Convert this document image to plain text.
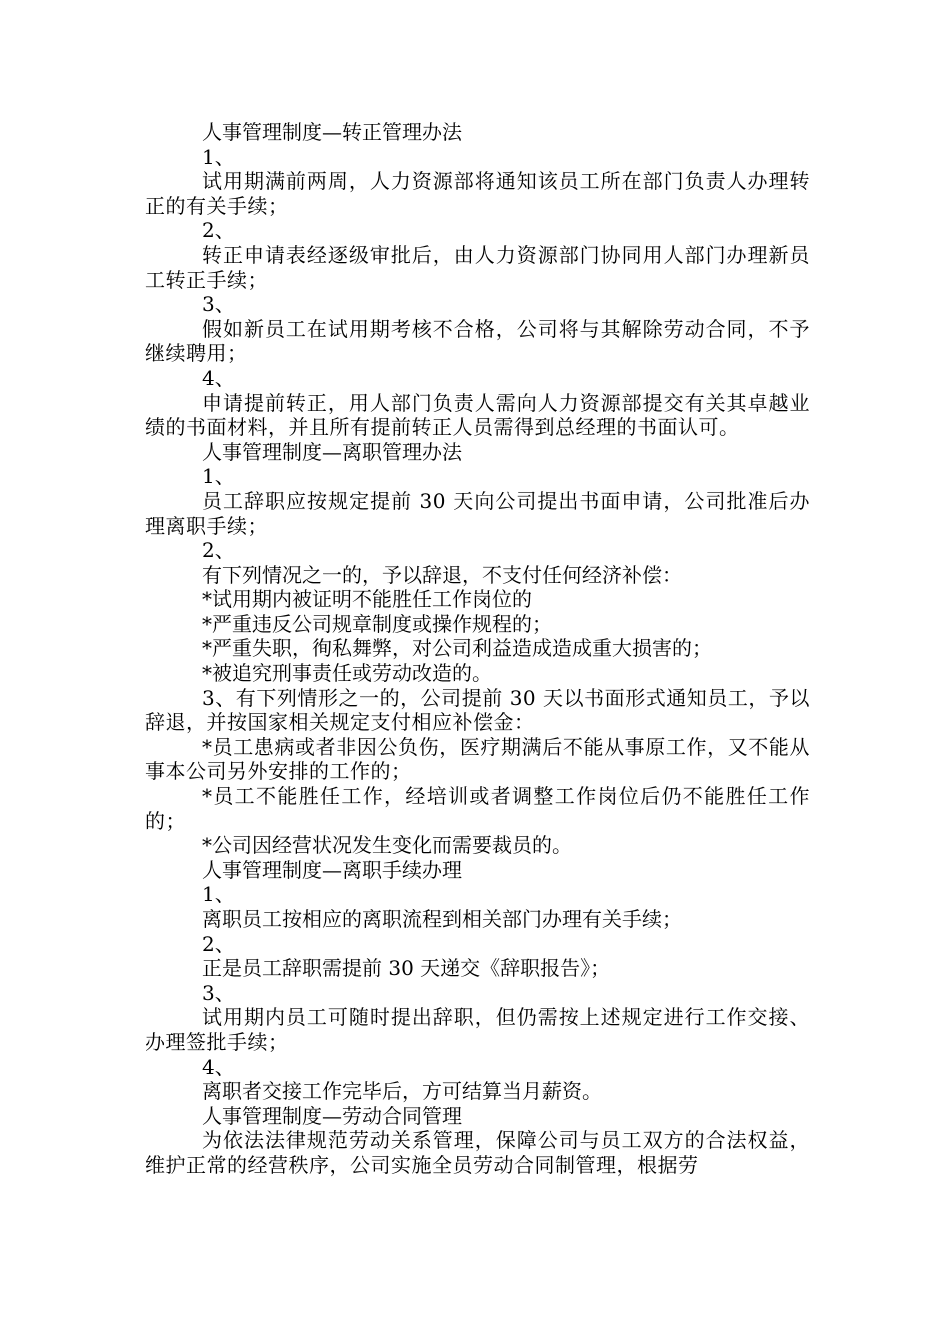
人事管理制度—转正管理办法

1、

试用期满前两周，人力资源部将通知该员工所在部门负责人办理转正的有关手续；

2、

转正申请表经逐级审批后，由人力资源部门协同用人部门办理新员工转正手续；

3、

假如新员工在试用期考核不合格，公司将与其解除劳动合同，不予继续聘用；

4、

申请提前转正，用人部门负责人需向人力资源部提交有关其卓越业绩的书面材料，并且所有提前转正人员需得到总经理的书面认可。

人事管理制度—离职管理办法

1、

员工辞职应按规定提前 30 天向公司提出书面申请，公司批准后办理离职手续；

2、

有下列情况之一的，予以辞退，不支付任何经济补偿：

*试用期内被证明不能胜任工作岗位的

*严重违反公司规章制度或操作规程的；

*严重失职，徇私舞弊，对公司利益造成造成重大损害的；

*被追究刑事责任或劳动改造的。

3、有下列情形之一的，公司提前 30 天以书面形式通知员工，予以辞退，并按国家相关规定支付相应补偿金：

*员工患病或者非因公负伤，医疗期满后不能从事原工作，又不能从事本公司另外安排的工作的；

*员工不能胜任工作，经培训或者调整工作岗位后仍不能胜任工作的；

*公司因经营状况发生变化而需要裁员的。

人事管理制度—离职手续办理

1、

离职员工按相应的离职流程到相关部门办理有关手续；

2、

正是员工辞职需提前 30 天递交《辞职报告》；

3、

试用期内员工可随时提出辞职，但仍需按上述规定进行工作交接、办理签批手续；

4、

离职者交接工作完毕后，方可结算当月薪资。

人事管理制度—劳动合同管理

为依法法律规范劳动关系管理，保障公司与员工双方的合法权益，维护正常的经营秩序，公司实施全员劳动合同制管理，根据劳
